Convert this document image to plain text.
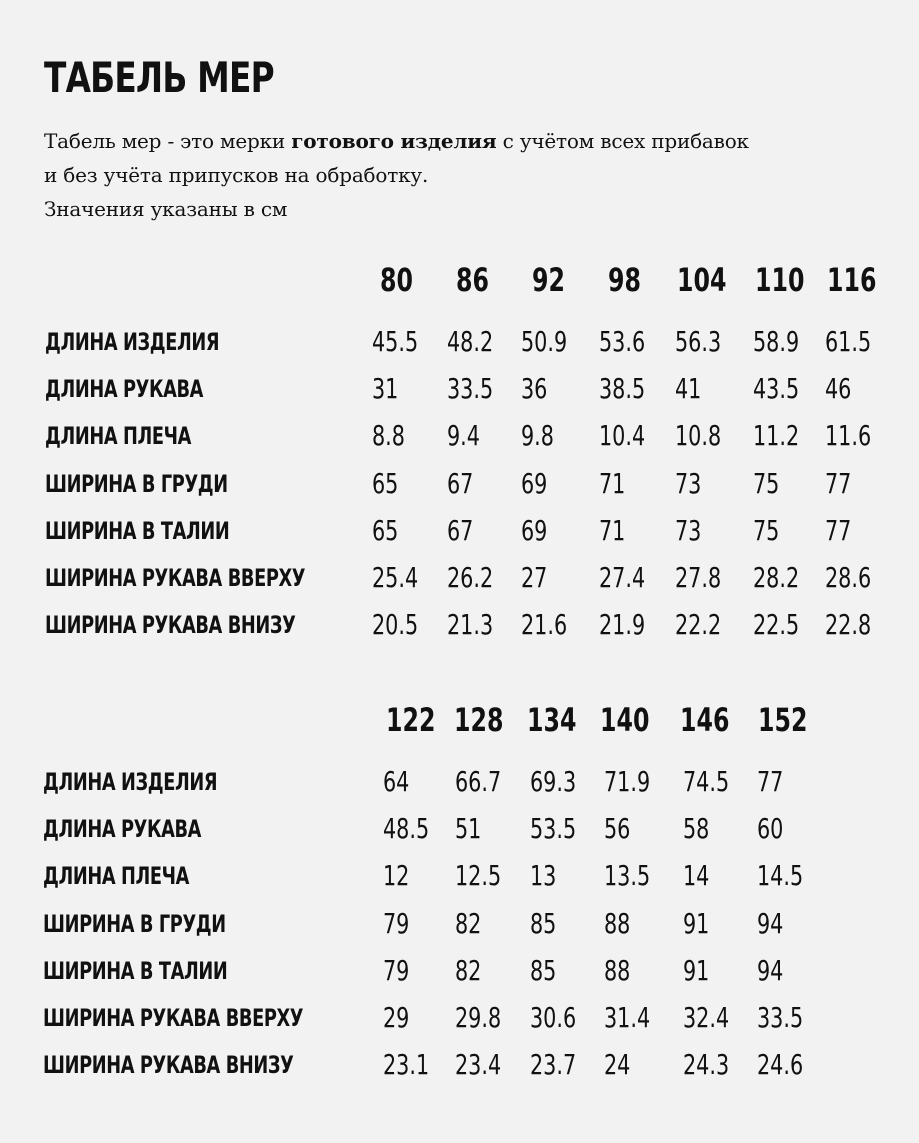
ТАБЕЛЬ МЕР

Табель мер - это мерки готового изделия с учётом всех прибавок

и без учёта припусков на обработку.

Значения указаны в см

80	86	92	98	104 110 116
ДЛИНА ИЗДЕЛИЯ	45.5	48.2 50.9	53.6	56.3	58.9 61.5
ДЛИНА РУКАВА	31	33.5 36	38.5	41	43.5 46
ДЛИНА ПЛЕЧА	8.8	9.4	9.8	10.4	10.8	11.2 11.6
ШИРИНА В ГРУДИ	65	67	69	71	73	75	77
ШИРИНА В ТАЛИИ	65	67	69	71	73	75	77
ШИРИНА РУКАВА ВВЕРХУ	25.4	26.2 27	27.4	27.8	28.2 28.6
ШИРИНА РУКАВА ВНИЗУ	20.5	21.3 21.6	21.9	22.2	22.5 22.8
122 128 134 140 146 152
ДЛИНА ИЗДЕЛИЯ	64	66.7	69.3 71.9	74.5 77
ДЛИНА РУКАВА	48.5 51	53.5 56	58	60
ДЛИНА ПЛЕЧА	12	12.5	13	13.5	14	14.5
ШИРИНА В ГРУДИ	79	82	85	88	91	94
ШИРИНА В ТАЛИИ	79	82	85	88	91	94
ШИРИНА РУКАВА ВВЕРХУ	29	29.8	30.6 31.4	32.4 33.5
ШИРИНА РУКАВА ВНИЗУ	23.1 23.4	23.7 24	24.3 24.6
